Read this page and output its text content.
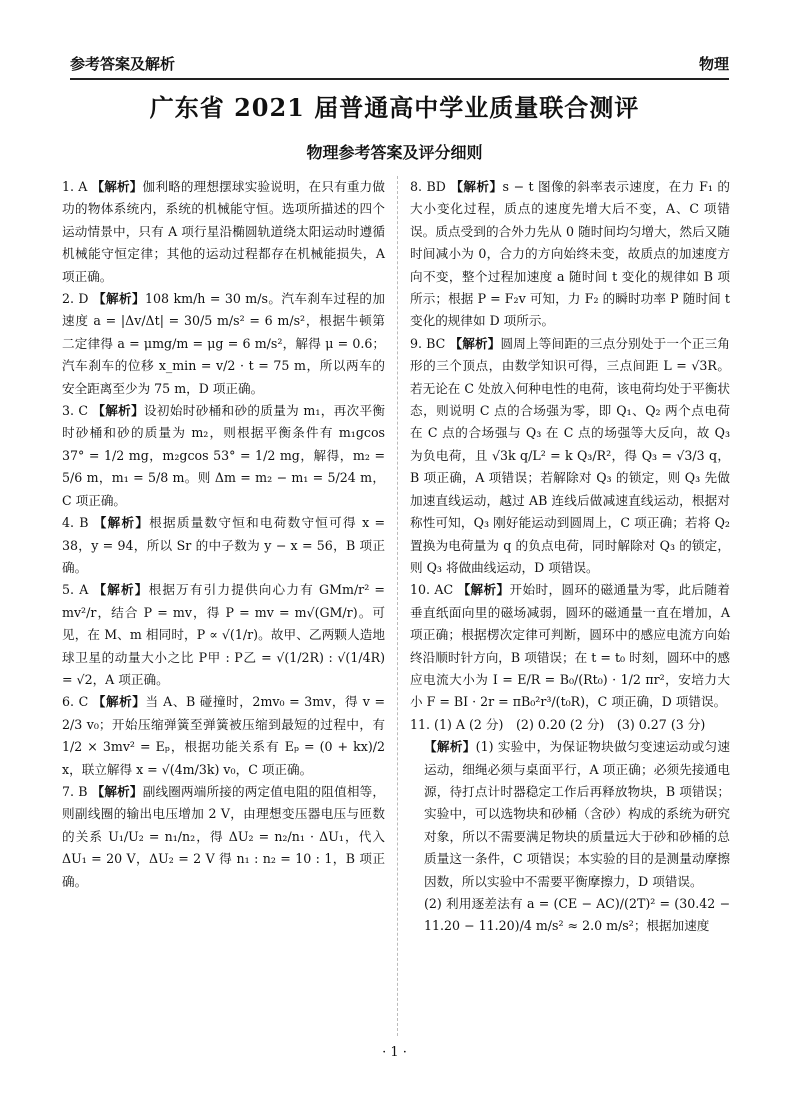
参考答案及解析	物理
广东省 2021 届普通高中学业质量联合测评
物理参考答案及评分细则
1. A 【解析】伽利略的理想摆球实验说明，在只有重力做功的物体系统内，系统的机械能守恒。选项所描述的四个运动情景中，只有 A 项行星沿椭圆轨道绕太阳运动时遵循机械能守恒定律；其他的运动过程都存在机械能损失，A 项正确。
2. D 【解析】108 km/h = 30 m/s。汽车刹车过程的加速度 a = |Δv/Δt| = 30/5 m/s² = 6 m/s²，根据牛顿第二定律得 a = μmg/m = μg = 6 m/s²，解得 μ = 0.6；汽车刹车的位移 x_min = v/2 · t = 75 m，所以两车的安全距离至少为 75 m，D 项正确。
3. C 【解析】设初始时砂桶和砂的质量为 m₁，再次平衡时砂桶和砂的质量为 m₂，则根据平衡条件有 m₁gcos 37° = 1/2 mg，m₂gcos 53° = 1/2 mg，解得，m₂ = 5/6 m，m₁ = 5/8 m。则 Δm = m₂ − m₁ = 5/24 m，C 项正确。
4. B 【解析】根据质量数守恒和电荷数守恒可得 x = 38，y = 94，所以 Sr 的中子数为 y − x = 56，B 项正确。
5. A 【解析】根据万有引力提供向心力有 GMm/r² = mv²/r，结合 P = mv，得 P = mv = m√(GM/r)。可见，在 M、m 相同时，P ∝ √(1/r)。故甲、乙两颗人造地球卫星的动量大小之比 P甲 : P乙 = √(1/2R) : √(1/4R) = √2，A 项正确。
6. C 【解析】当 A、B 碰撞时，2mv₀ = 3mv，得 v = 2/3 v₀；开始压缩弹簧至弹簧被压缩到最短的过程中，有 1/2 × 3mv² = Eₚ，根据功能关系有 Eₚ = (0 + kx)/2 x，联立解得 x = √(4m/3k) v₀，C 项正确。
7. B 【解析】副线圈两端所接的两定值电阻的阻值相等，则副线圈的输出电压增加 2 V，由理想变压器电压与匝数的关系 U₁/U₂ = n₁/n₂，得 ΔU₂ = n₂/n₁ · ΔU₁，代入 ΔU₁ = 20 V，ΔU₂ = 2 V 得 n₁ : n₂ = 10 : 1，B 项正确。
8. BD 【解析】s − t 图像的斜率表示速度，在力 F₁ 的大小变化过程，质点的速度先增大后不变，A、C 项错误。质点受到的合外力先从 0 随时间均匀增大，然后又随时间减小为 0，合力的方向始终未变，故质点的加速度方向不变，整个过程加速度 a 随时间 t 变化的规律如 B 项所示；根据 P = F₂v 可知，力 F₂ 的瞬时功率 P 随时间 t 变化的规律如 D 项所示。
9. BC 【解析】圆周上等间距的三点分别处于一个正三角形的三个顶点，由数学知识可得，三点间距 L = √3R。若无论在 C 处放入何种电性的电荷，该电荷均处于平衡状态，则说明 C 点的合场强为零，即 Q₁、Q₂ 两个点电荷在 C 点的合场强与 Q₃ 在 C 点的场强等大反向，故 Q₃ 为负电荷，且 √3k q/L² = k Q₃/R²，得 Q₃ = √3/3 q，B 项正确，A 项错误；若解除对 Q₃ 的锁定，则 Q₃ 先做加速直线运动，越过 AB 连线后做减速直线运动，根据对称性可知，Q₃ 刚好能运动到圆周上，C 项正确；若将 Q₂ 置换为电荷量为 q 的负点电荷，同时解除对 Q₃ 的锁定，则 Q₃ 将做曲线运动，D 项错误。
10. AC 【解析】开始时，圆环的磁通量为零，此后随着垂直纸面向里的磁场减弱，圆环的磁通量一直在增加，A 项正确；根据楞次定律可判断，圆环中的感应电流方向始终沿顺时针方向，B 项错误；在 t = t₀ 时刻，圆环中的感应电流大小为 I = E/R = B₀/(Rt₀) · 1/2 πr²，安培力大小 F = BI · 2r = πB₀²r³/(t₀R)，C 项正确，D 项错误。
11. (1) A (2 分)　(2) 0.20 (2 分)　(3) 0.27 (3 分)
【解析】(1) 实验中，为保证物块做匀变速运动或匀速运动，细绳必须与桌面平行，A 项正确；必须先接通电源，待打点计时器稳定工作后再释放物块，B 项错误；实验中，可以选物块和砂桶（含砂）构成的系统为研究对象，所以不需要满足物块的质量远大于砂和砂桶的总质量这一条件，C 项错误；本实验的目的是测量动摩擦因数，所以实验中不需要平衡摩擦力，D 项错误。
(2) 利用逐差法有 a = (CE − AC)/(2T)² = (30.42 − 11.20 − 11.20)/4 m/s² ≈ 2.0 m/s²；根据加速度
· 1 ·
